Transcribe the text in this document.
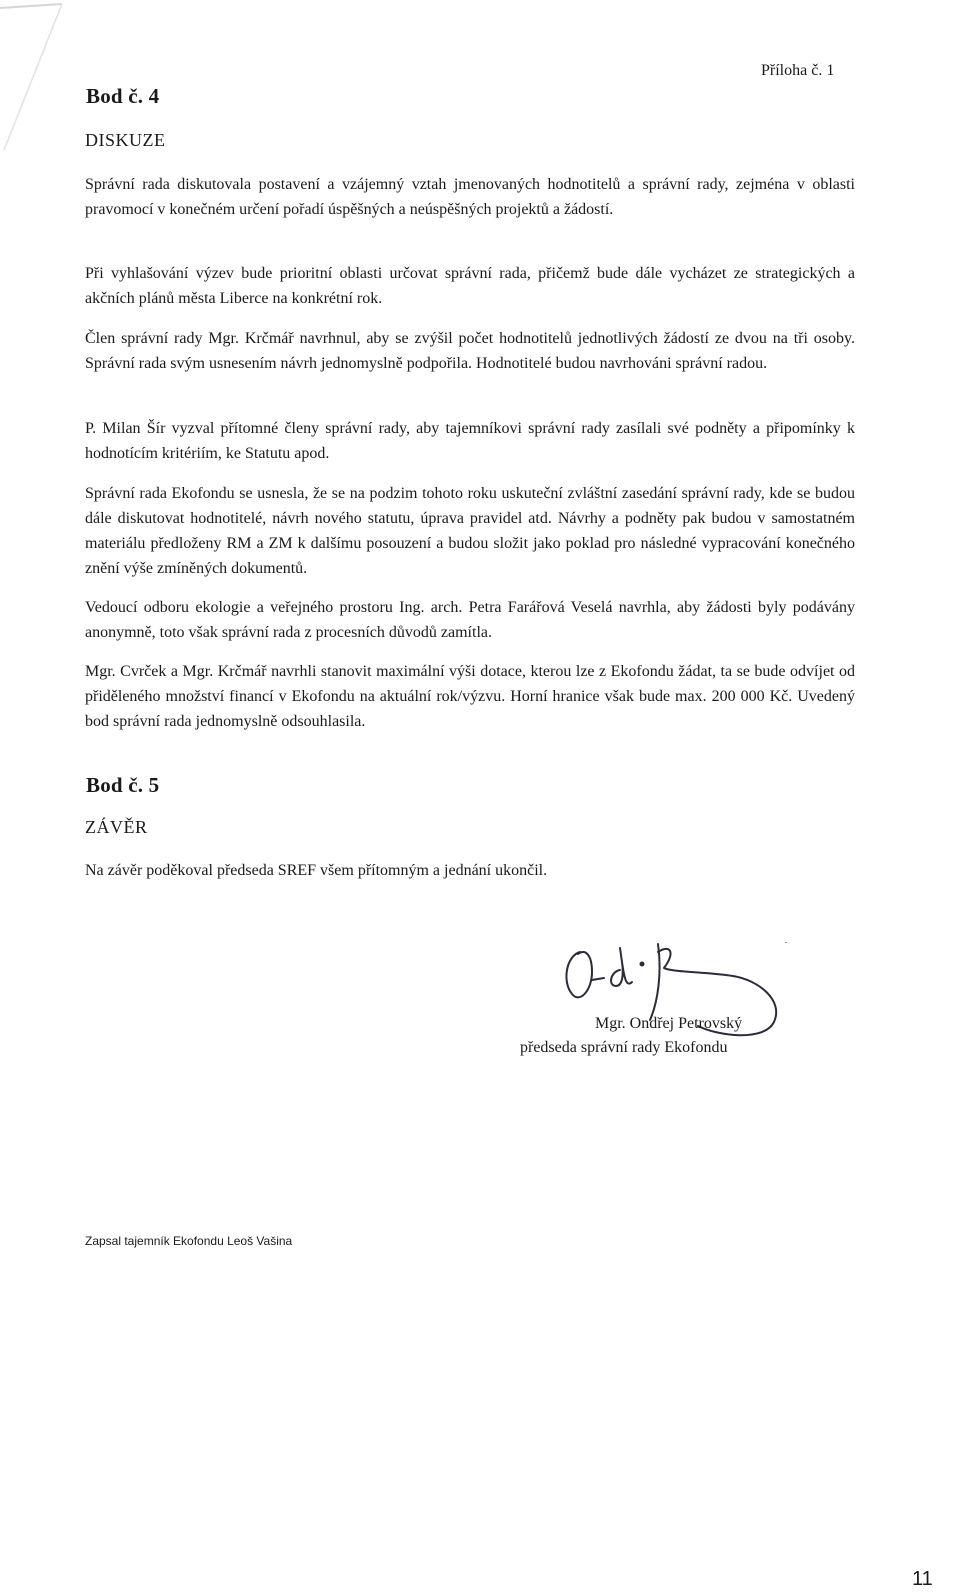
Příloha č. 1
Bod č. 4
DISKUZE
Správní rada diskutovala postavení a vzájemný vztah jmenovaných hodnotitelů a správní rady, zejména v oblasti pravomocí v konečném určení pořadí úspěšných a neúspěšných projektů a žádostí.
Při vyhlašování výzev bude prioritní oblasti určovat správní rada, přičemž bude dále vycházet ze strategických a akčních plánů města Liberce na konkrétní rok.
Člen správní rady Mgr. Krčmář navrhnul, aby se zvýšil počet hodnotitelů jednotlivých žádostí ze dvou na tři osoby. Správní rada svým usnesením návrh jednomyslně podpořila. Hodnotitelé budou navrhováni správní radou.
P. Milan Šír vyzval přítomné členy správní rady, aby tajemníkovi správní rady zasílali své podněty a připomínky k hodnotícím kritériím, ke Statutu apod.
Správní rada Ekofondu se usnesla, že se na podzim tohoto roku uskuteční zvláštní zasedání správní rady, kde se budou dále diskutovat hodnotitelé, návrh nového statutu, úprava pravidel atd. Návrhy a podněty pak budou v samostatném materiálu předloženy RM a ZM k dalšímu posouzení a budou složit jako poklad pro následné vypracování konečného znění výše zmíněných dokumentů.
Vedoucí odboru ekologie a veřejného prostoru Ing. arch. Petra Farářová Veselá navrhla, aby žádosti byly podávány anonymně, toto však správní rada z procesních důvodů zamítla.
Mgr. Cvrček a Mgr. Krčmář navrhli stanovit maximální výši dotace, kterou lze z Ekofondu žádat, ta se bude odvíjet od přiděleného množství financí v Ekofondu na aktuální rok/výzvu. Horní hranice však bude max. 200 000 Kč. Uvedený bod správní rada jednomyslně odsouhlasila.
Bod č. 5
ZÁVĚR
Na závěr poděkoval předseda SREF všem přítomným a jednání ukončil.
Mgr. Ondřej Petrovský
předseda správní rady Ekofondu
Zapsal tajemník Ekofondu Leoš Vašina
11
